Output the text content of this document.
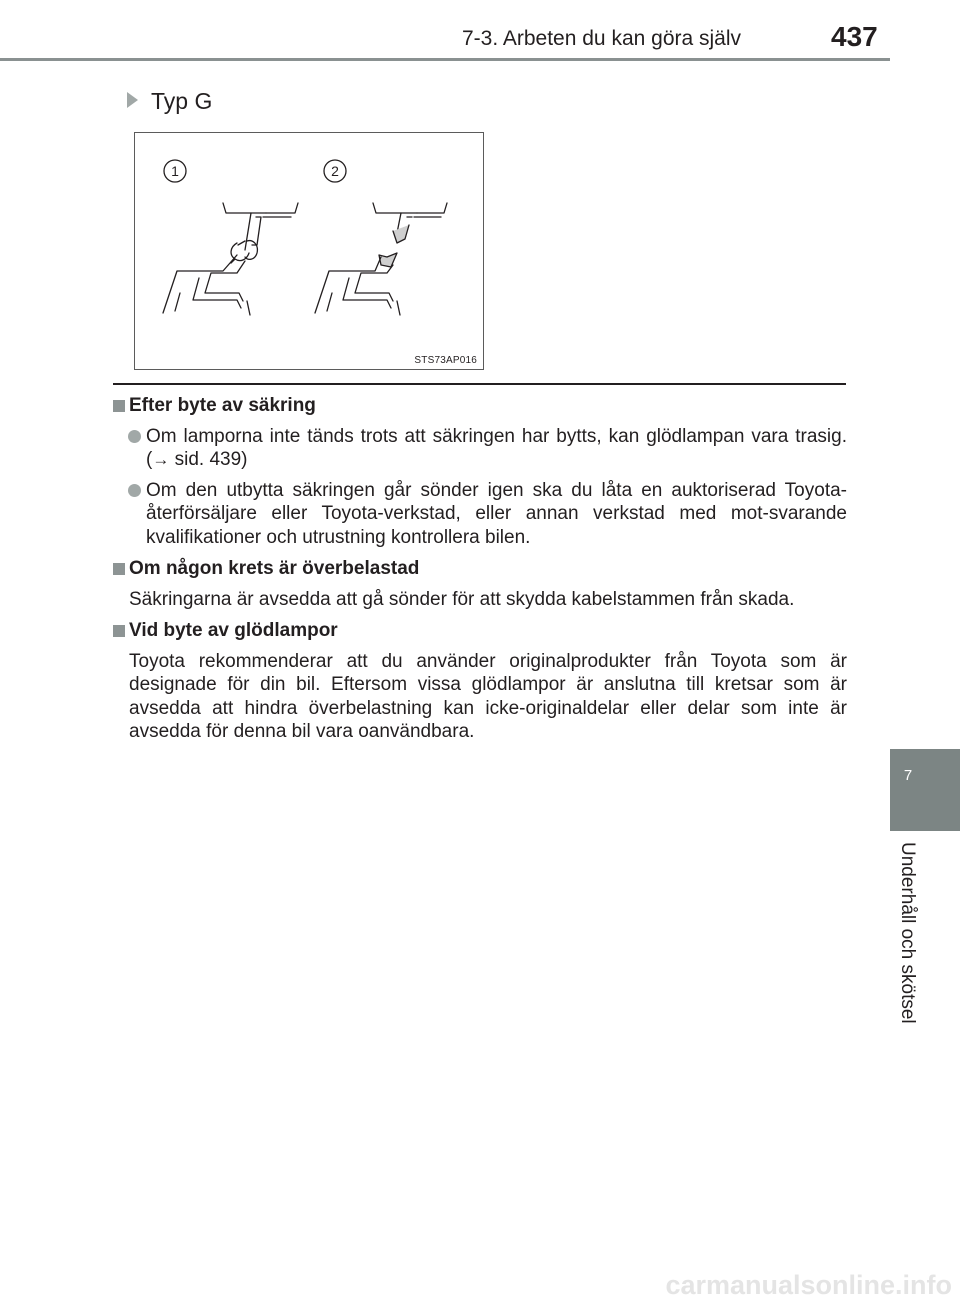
7-3. Arbeten du kan göra själv	437
7
Underhåll och skötsel
Typ G
1	2
STS73AP016

Efter byte av säkring

Om lamporna inte tänds trots att säkringen har bytts, kan glödlampan vara trasig. (→ sid. 439)

Om den utbytta säkringen går sönder igen ska du låta en auktoriserad Toyota-återförsäljare eller Toyota-verkstad, eller annan verkstad med mot-svarande kvalifikationer och utrustning kontrollera bilen.

Om någon krets är överbelastad

Säkringarna är avsedda att gå sönder för att skydda kabelstammen från skada.

Vid byte av glödlampor

Toyota rekommenderar att du använder originalprodukter från Toyota som är designade för din bil. Eftersom vissa glödlampor är anslutna till kretsar som är avsedda att hindra överbelastning kan icke-originaldelar eller delar som inte är avsedda för denna bil vara oanvändbara.

carmanualsonline.info
